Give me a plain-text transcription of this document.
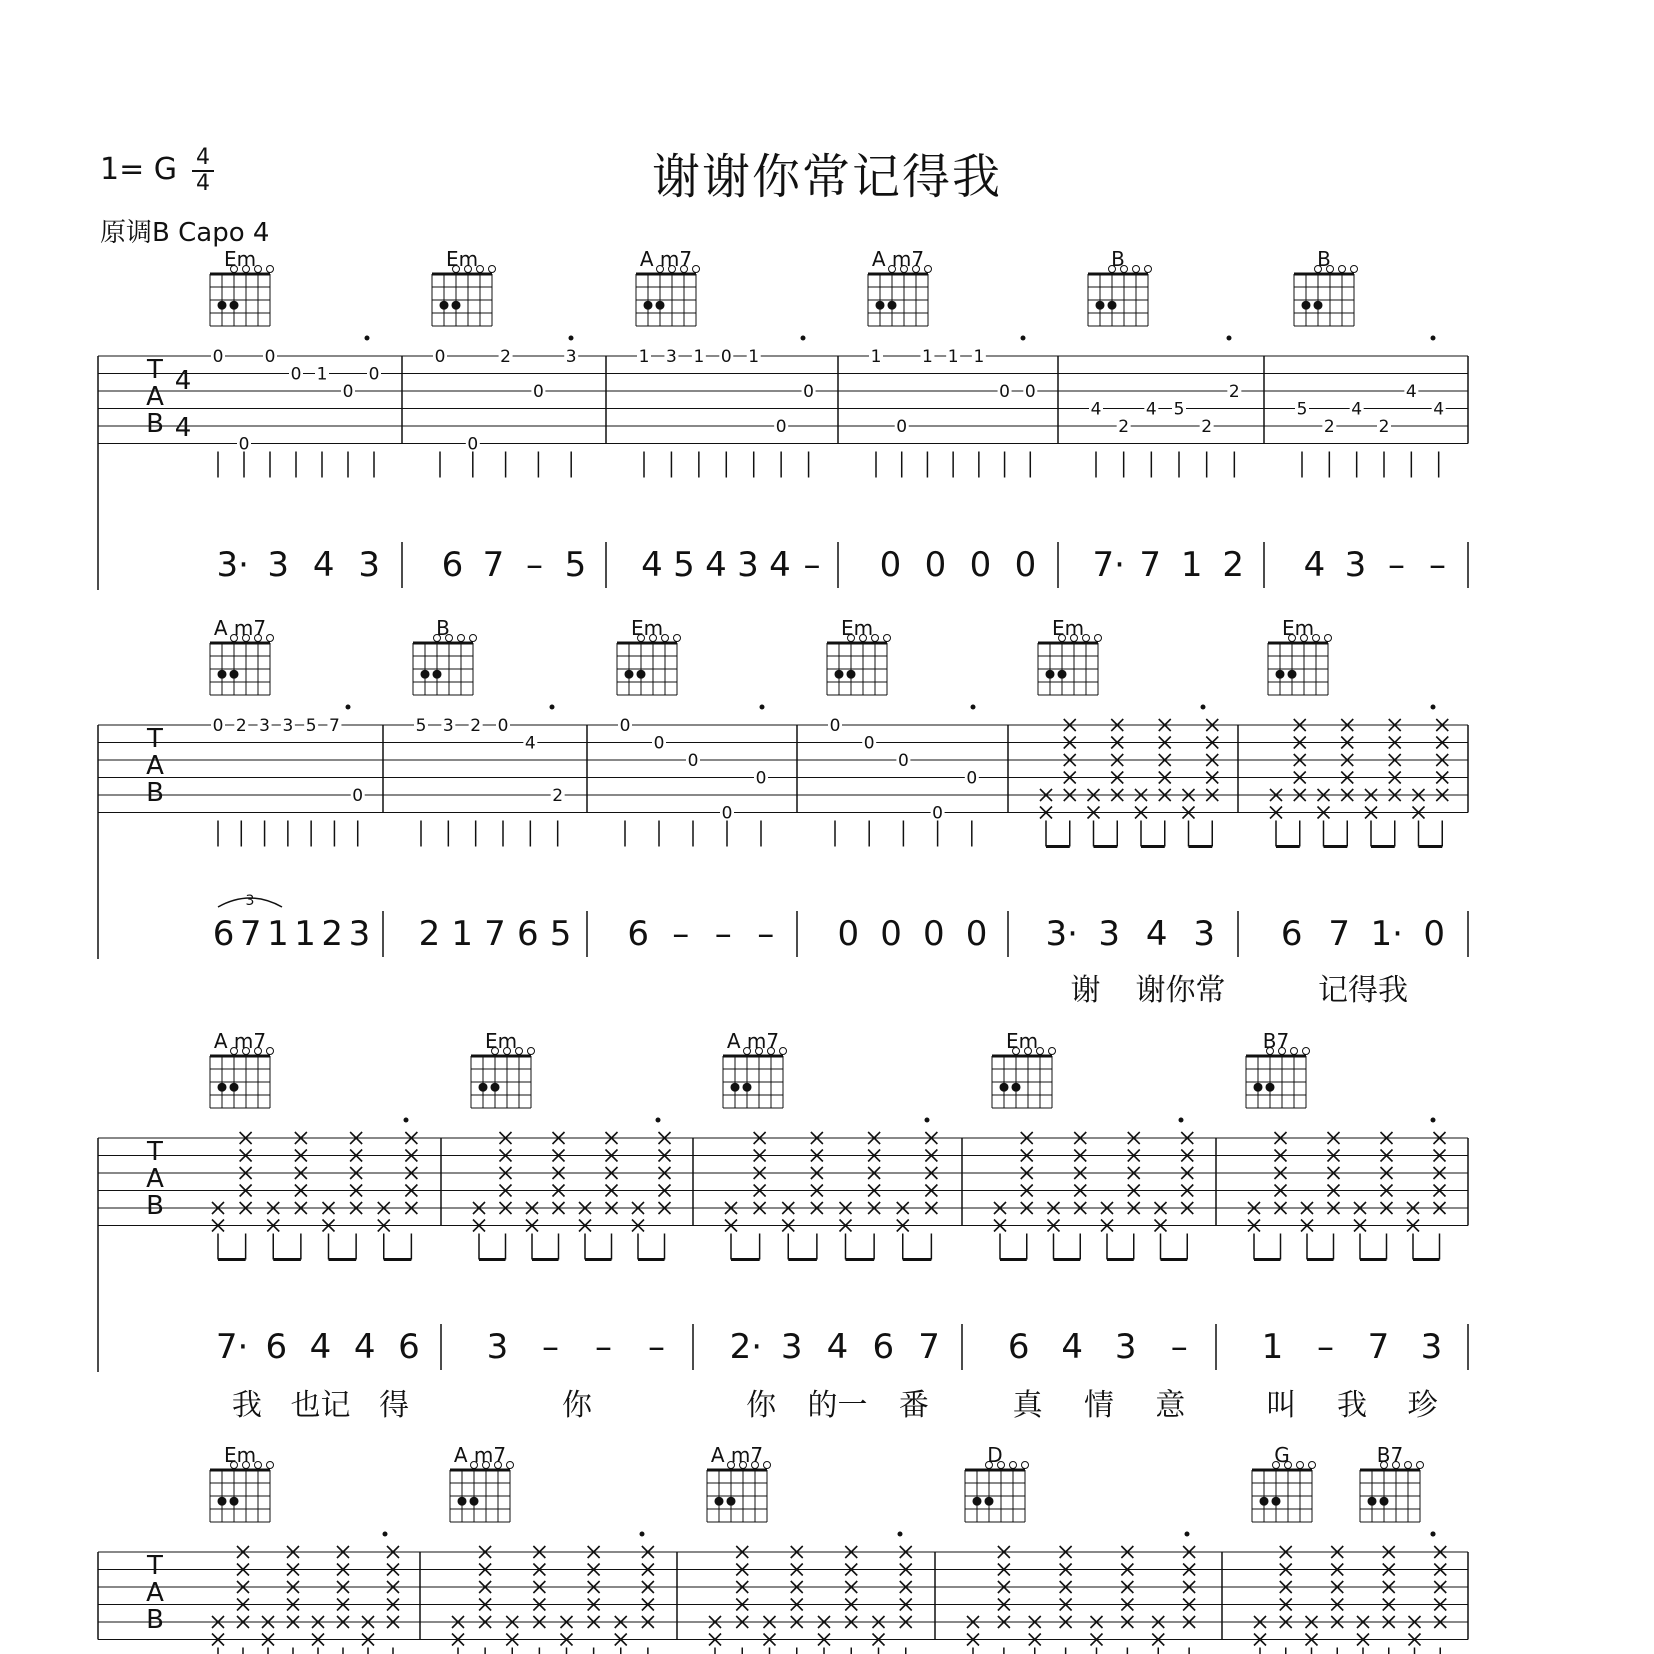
谢谢你常记得我
1= G 4
4
原调B Capo 4
T
A
B
4
4
Em
0
0
0
0 1
0
0
3· 3 4 3
Em
0
0
2
0
3
6 7 – 5
A m7
1 3 1 0 1
0
0
4 5 4 3 4 –
A m7
1
0
1 1 1
0 0
0 0 0 0
B
4
2
4 5
2
2
7· 7 1 2
B
5
2
4
2
4
4
4 3 – –
T
A
B
A m7
0 2 3 3 5 7
0
6 7 1 1 2 3
3
B
5 3 2 0
4
2
2 1 7 6 5
Em
0
0
0
0
0
6 – – –
Em
0
0
0
0
0
0 0 0 0
Em
3· 3 4 3
谢 谢你常
Em
6 7 1· 0
记得我
T
A
B
A m7
7· 6 4 4 6
我 也记 得
Em
3 – – –
你
A m7
2· 3 4 6 7
你 的一 番
Em
6 4 3 –
真 情 意
B7
1 – 7 3
叫 我 珍
T
A
B
Em	A m7	A m7	D	G	B7
